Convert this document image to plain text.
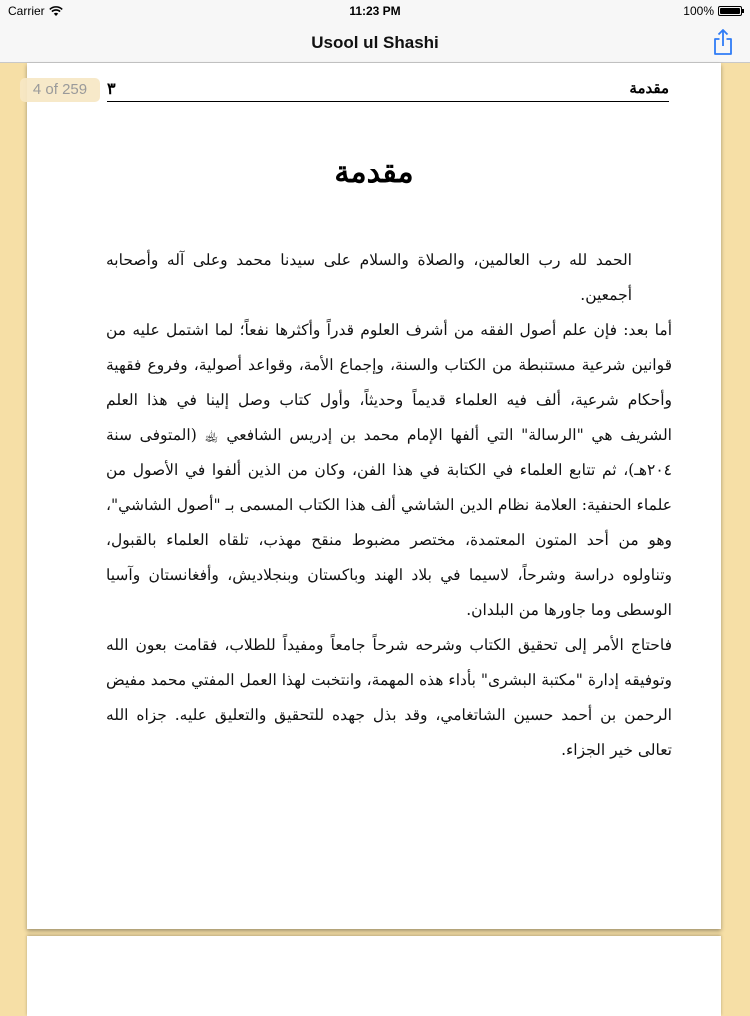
Carrier	11:23 PM	100%
Usool ul Shashi
4 of 259	مقدمة
٣
مقدمة

الحمد لله رب العالمين، والصلاة والسلام على سيدنا محمد وعلى آله وأصحابه أجمعين.

أما بعد: فإن علم أصول الفقه من أشرف العلوم قدراً وأكثرها نفعاً؛ لما اشتمل عليه من قوانين شرعية مستنبطة من الكتاب والسنة، وإجماع الأمة، وقواعد أصولية، وفروع فقهية وأحكام شرعية، ألف فيه العلماء قديماً وحديثاً، وأول كتاب وصل إلينا في هذا العلم الشريف هي "الرسالة" التي ألفها الإمام محمد بن إدريس الشافعي ﵀ (المتوفى سنة ٢٠٤هـ)، ثم تتابع العلماء في الكتابة في هذا الفن، وكان من الذين ألفوا في الأصول من علماء الحنفية: العلامة نظام الدين الشاشي ألف هذا الكتاب المسمى بـ "أصول الشاشي"، وهو من أحد المتون المعتمدة، مختصر مضبوط منقح مهذب، تلقاه العلماء بالقبول، وتناولوه دراسة وشرحاً، لاسيما في بلاد الهند وباكستان وبنجلاديش، وأفغانستان وآسيا الوسطى وما جاورها من البلدان.

فاحتاج الأمر إلى تحقيق الكتاب وشرحه شرحاً جامعاً ومفيداً للطلاب، فقامت بعون الله وتوفيقه إدارة "مكتبة البشرى" بأداء هذه المهمة، وانتخبت لهذا العمل المفتي محمد مفيض الرحمن بن أحمد حسين الشاتغامي، وقد بذل جهده للتحقيق والتعليق عليه. جزاه الله تعالى خير الجزاء.
